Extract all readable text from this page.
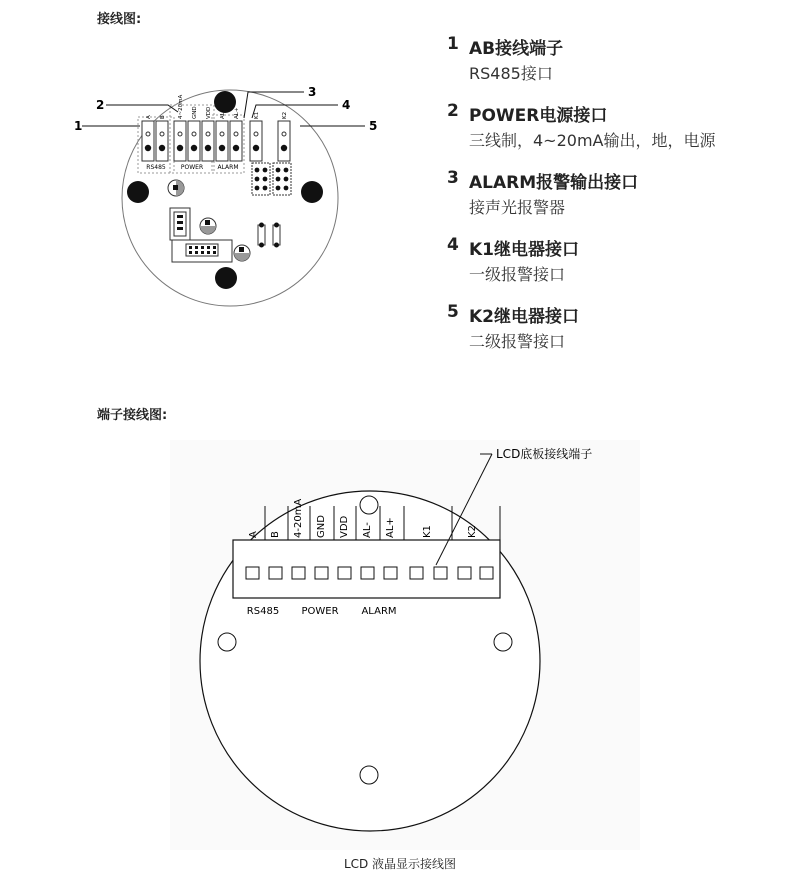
接线图:
A B 4~20mA GND VDD AL- AL+	K1	K2
RS485	POWER ALARM
1
2
3
4
5
1 AB接线端子
RS485接口
2 POWER电源接口
三线制，4~20mA输出，地，电源
3 ALARM报警输出接口
接声光报警器
4 K1继电器接口
一级报警接口
5 K2继电器接口
二级报警接口
端子接线图:
A B 4-20mA GND VDD AL- AL+	K1	K2
RS485 POWER ALARM
LCD底板接线端子
LCD 液晶显示接线图
